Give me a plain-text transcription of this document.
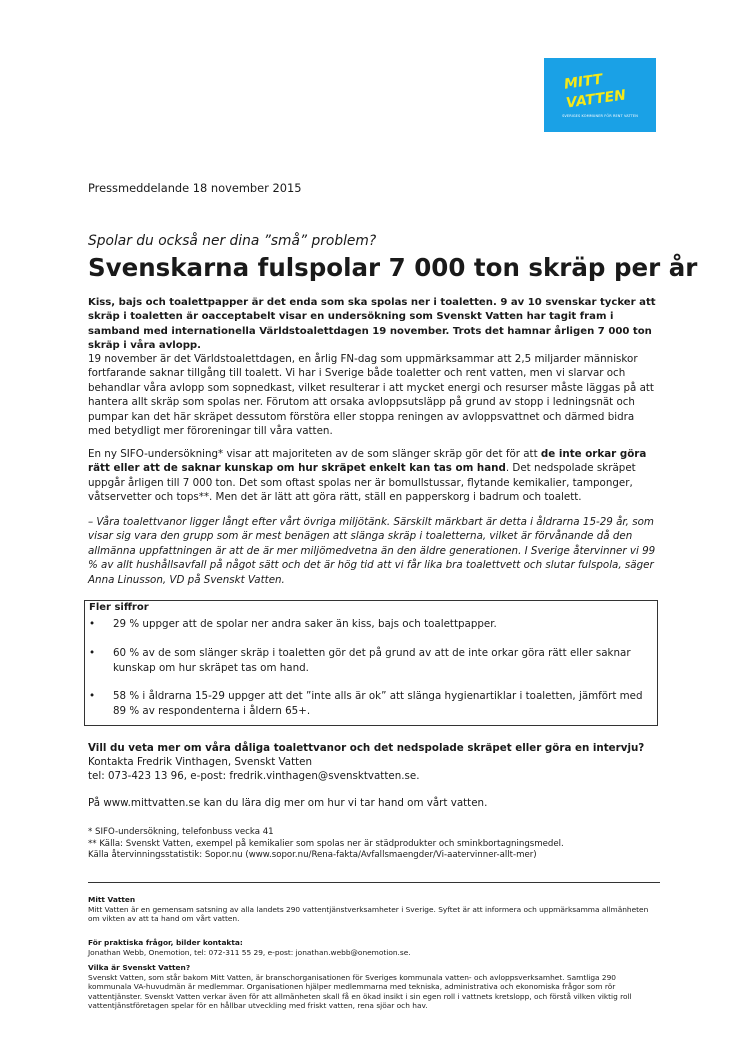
MITT
VATTEN
SVERIGES KOMMUNER FÖR RENT VATTEN
Pressmeddelande 18 november 2015
Spolar du också ner dina ”små” problem?
Svenskarna fulspolar 7 000 ton skräp per år
Kiss, bajs och toalettpapper är det enda som ska spolas ner i toaletten. 9 av 10 svenskar tycker att skräp i toaletten är oacceptabelt visar en undersökning som Svenskt Vatten har tagit fram i samband med internationella Världstoalettdagen 19 november. Trots det hamnar årligen 7 000 ton skräp i våra avlopp.
19 november är det Världstoalettdagen, en årlig FN-dag som uppmärksammar att 2,5 miljarder människor fortfarande saknar tillgång till toalett. Vi har i Sverige både toaletter och rent vatten, men vi slarvar och behandlar våra avlopp som sopnedkast, vilket resulterar i att mycket energi och resurser måste läggas på att hantera allt skräp som spolas ner. Förutom att orsaka avloppsutsläpp på grund av stopp i ledningsnät och pumpar kan det här skräpet dessutom förstöra eller stoppa reningen av avloppsvattnet och därmed bidra med betydligt mer föroreningar till våra vatten.
En ny SIFO-undersökning* visar att majoriteten av de som slänger skräp gör det för att de inte orkar göra rätt eller att de saknar kunskap om hur skräpet enkelt kan tas om hand. Det nedspolade skräpet uppgår årligen till 7 000 ton. Det som oftast spolas ner är bomullstussar, flytande kemikalier, tamponger, våtservetter och tops**. Men det är lätt att göra rätt, ställ en papperskorg i badrum och toalett.
– Våra toalettvanor ligger långt efter vårt övriga miljötänk. Särskilt märkbart är detta i åldrarna 15-29 år, som visar sig vara den grupp som är mest benägen att slänga skräp i toaletterna, vilket är förvånande då den allmänna uppfattningen är att de är mer miljömedvetna än den äldre generationen. I Sverige återvinner vi 99 % av allt hushållsavfall på något sätt och det är hög tid att vi får lika bra toalettvett och slutar fulspola, säger Anna Linusson, VD på Svenskt Vatten.
Fler siffror
• 29 % uppger att de spolar ner andra saker än kiss, bajs och toalettpapper.
• 60 % av de som slänger skräp i toaletten gör det på grund av att de inte orkar göra rätt eller saknar kunskap om hur skräpet tas om hand.
• 58 % i åldrarna 15-29 uppger att det ”inte alls är ok” att slänga hygienartiklar i toaletten, jämfört med 89 % av respondenterna i åldern 65+.
Vill du veta mer om våra dåliga toalettvanor och det nedspolade skräpet eller göra en intervju?
Kontakta Fredrik Vinthagen, Svenskt Vatten
tel: 073-423 13 96, e-post: fredrik.vinthagen@svensktvatten.se.
På www.mittvatten.se kan du lära dig mer om hur vi tar hand om vårt vatten.
* SIFO-undersökning, telefonbuss vecka 41
** Källa: Svenskt Vatten, exempel på kemikalier som spolas ner är städprodukter och sminkbortagningsmedel.
Källa återvinningsstatistik: Sopor.nu (www.sopor.nu/Rena-fakta/Avfallsmaengder/Vi-aatervinner-allt-mer)
Mitt Vatten
Mitt Vatten är en gemensam satsning av alla landets 290 vattentjänstverksamheter i Sverige. Syftet är att informera och uppmärksamma allmänheten om vikten av att ta hand om vårt vatten.
För praktiska frågor, bilder kontakta:
Jonathan Webb, Onemotion, tel: 072-311 55 29, e-post: jonathan.webb@onemotion.se.
Vilka är Svenskt Vatten?
Svenskt Vatten, som står bakom Mitt Vatten, är branschorganisationen för Sveriges kommunala vatten- och avloppsverksamhet. Samtliga 290 kommunala VA-huvudmän är medlemmar. Organisationen hjälper medlemmarna med tekniska, administrativa och ekonomiska frågor som rör vattentjänster. Svenskt Vatten verkar även för att allmänheten skall få en ökad insikt i sin egen roll i vattnets kretslopp, och förstå vilken viktig roll vattentjänstföretagen spelar för en hållbar utveckling med friskt vatten, rena sjöar och hav.
